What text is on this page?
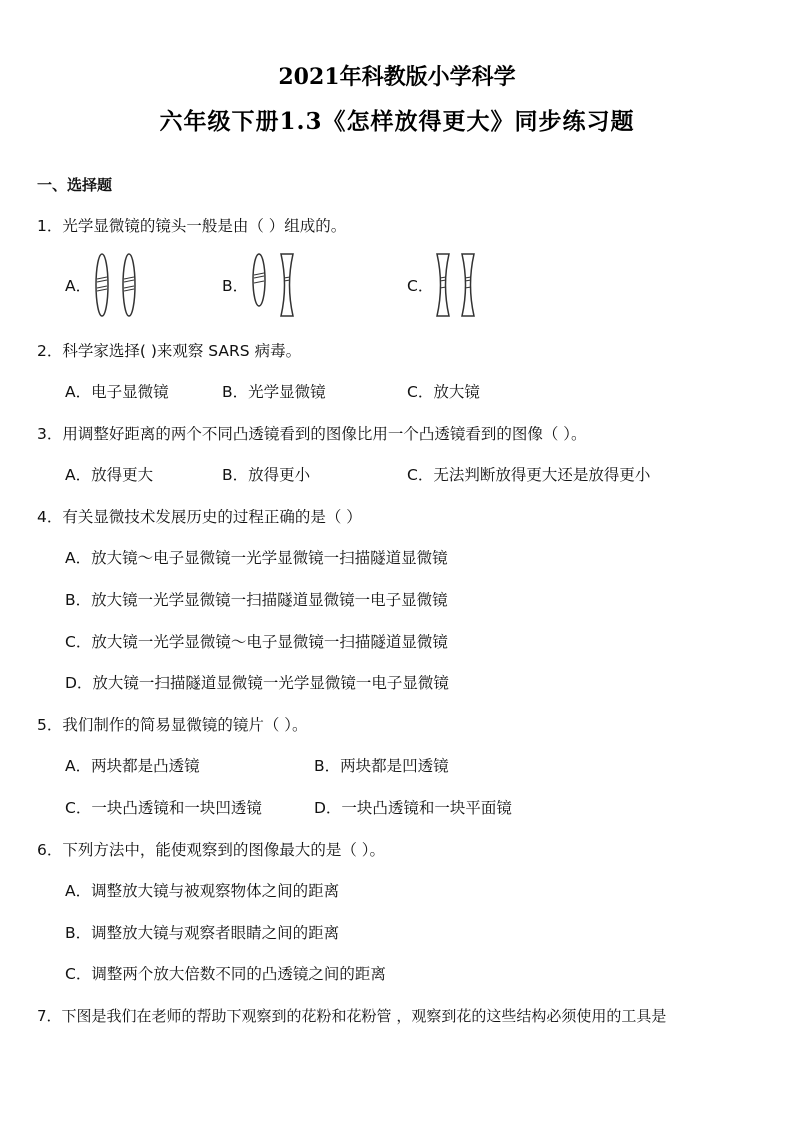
2021年科教版小学科学
六年级下册1.3《怎样放得更大》同步练习题
一、选择题
1．光学显微镜的镜头一般是由（ ）组成的。
A．	B．	C．
2．科学家选择( )来观察 SARS 病毒。
A．电子显微镜	B．光学显微镜	C．放大镜
3．用调整好距离的两个不同凸透镜看到的图像比用一个凸透镜看到的图像（ ）。
A．放得更大	B．放得更小	C．无法判断放得更大还是放得更小
4．有关显微技术发展历史的过程正确的是（ ）
A．放大镜～电子显微镜一光学显微镜一扫描隧道显微镜
B．放大镜一光学显微镜一扫描隧道显微镜一电子显微镜
C．放大镜一光学显微镜～电子显微镜一扫描隧道显微镜
D．放大镜一扫描隧道显微镜一光学显微镜一电子显微镜
5．我们制作的简易显微镜的镜片（ ）。
A．两块都是凸透镜	B．两块都是凹透镜
C．一块凸透镜和一块凹透镜	D．一块凸透镜和一块平面镜
6．下列方法中，能使观察到的图像最大的是（ ）。
A．调整放大镜与被观察物体之间的距离
B．调整放大镜与观察者眼睛之间的距离
C．调整两个放大倍数不同的凸透镜之间的距离
7．下图是我们在老师的帮助下观察到的花粉和花粉管 ，观察到花的这些结构必须使用的工具是
